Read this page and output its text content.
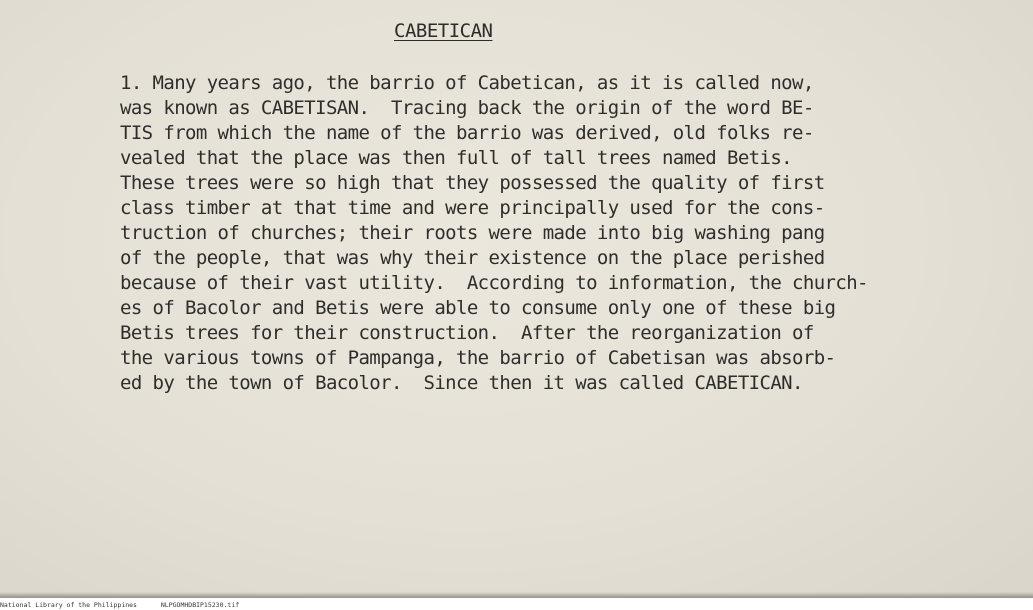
CABETICAN
1. Many years ago, the barrio of Cabetican, as it is called now,
was known as CABETISAN.  Tracing back the origin of the word BE-
TIS from which the name of the barrio was derived, old folks re-
vealed that the place was then full of tall trees named Betis.
These trees were so high that they possessed the quality of first
class timber at that time and were principally used for the cons-
truction of churches; their roots were made into big washing pang
of the people, that was why their existence on the place perished
because of their vast utility.  According to information, the church-
es of Bacolor and Betis were able to consume only one of these big
Betis trees for their construction.  After the reorganization of
the various towns of Pampanga, the barrio of Cabetisan was absorb-
ed by the town of Bacolor.  Since then it was called CABETICAN.
National Library of the Philippines	NLPGOMHDBIP15230.tif
